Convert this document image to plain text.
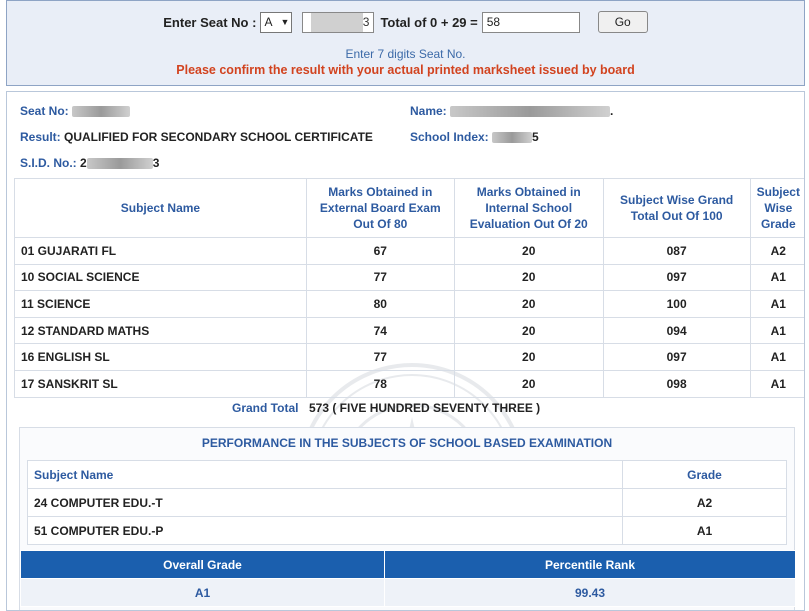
Enter Seat No : A ▼	3 Total of 0 + 29 = 58	Go
Enter 7 digits Seat No.
Please confirm the result with your actual printed marksheet issued by board
Seat No:	Name:	.
Result: QUALIFIED FOR SECONDARY SCHOOL CERTIFICATE	School Index:	5
S.I.D. No.: 2	3
Subject Name	Marks Obtained in External Board Exam Out Of 80	Marks Obtained in Internal School Evaluation Out Of 20	Subject Wise Grand Total Out Of 100	Subject Wise Grade
01 GUJARATI FL	67	20	087	A2
10 SOCIAL SCIENCE	77	20	097	A1
11 SCIENCE	80	20	100	A1
12 STANDARD MATHS	74	20	094	A1
16 ENGLISH SL	77	20	097	A1
17 SANSKRIT SL	78	20	098	A1
Grand Total 573 ( FIVE HUNDRED SEVENTY THREE )
PERFORMANCE IN THE SUBJECTS OF SCHOOL BASED EXAMINATION
Subject Name	Grade
24 COMPUTER EDU.-T	A2
51 COMPUTER EDU.-P	A1
Overall Grade	Percentile Rank
A1	99.43
